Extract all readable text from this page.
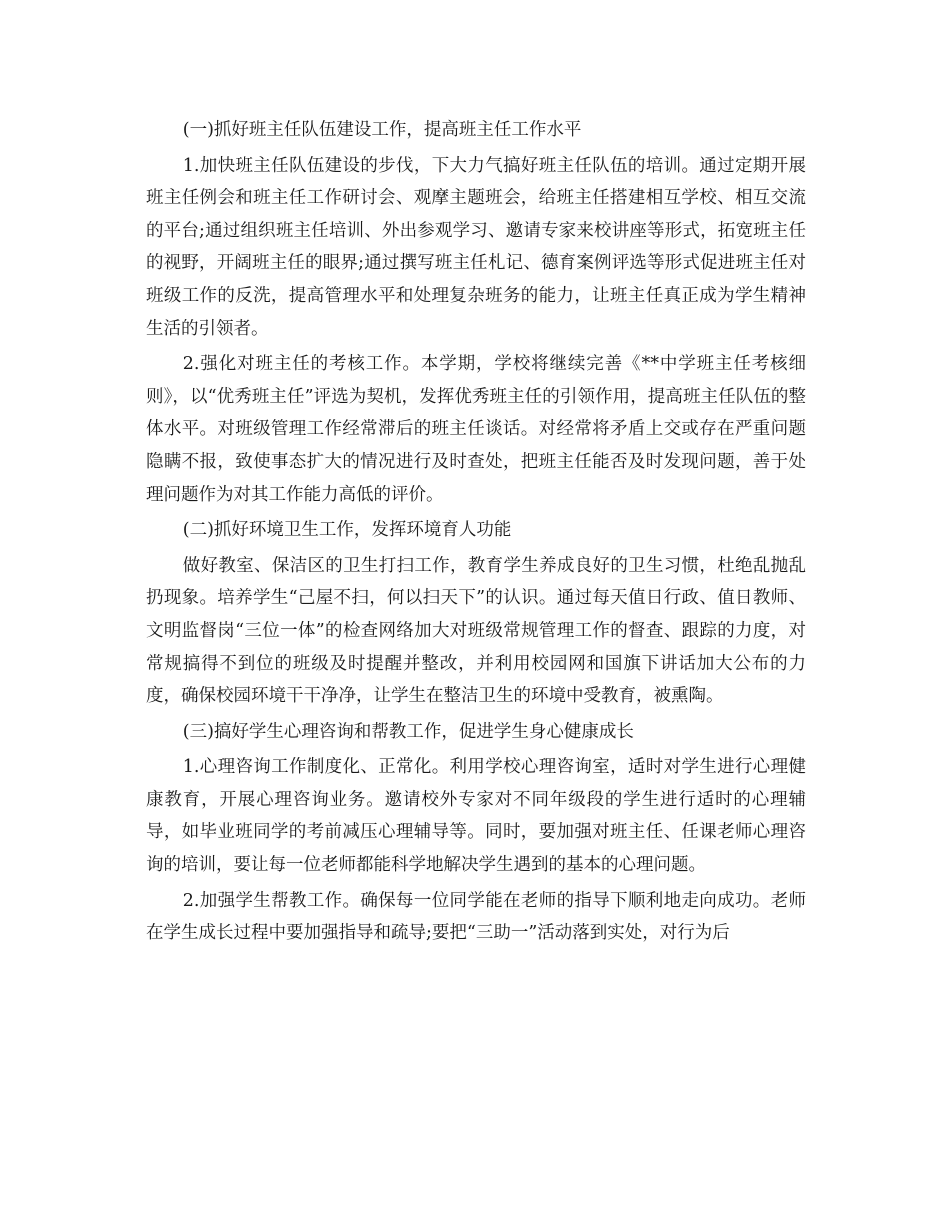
(一)抓好班主任队伍建设工作，提高班主任工作水平

1.加快班主任队伍建设的步伐，下大力气搞好班主任队伍的培训。通过定期开展班主任例会和班主任工作研讨会、观摩主题班会，给班主任搭建相互学校、相互交流的平台;通过组织班主任培训、外出参观学习、邀请专家来校讲座等形式，拓宽班主任的视野，开阔班主任的眼界;通过撰写班主任札记、德育案例评选等形式促进班主任对班级工作的反洗，提高管理水平和处理复杂班务的能力，让班主任真正成为学生精神生活的引领者。

2.强化对班主任的考核工作。本学期，学校将继续完善《**中学班主任考核细则》，以“优秀班主任”评选为契机，发挥优秀班主任的引领作用，提高班主任队伍的整体水平。对班级管理工作经常滞后的班主任谈话。对经常将矛盾上交或存在严重问题隐瞒不报，致使事态扩大的情况进行及时查处，把班主任能否及时发现问题，善于处理问题作为对其工作能力高低的评价。

(二)抓好环境卫生工作，发挥环境育人功能

做好教室、保洁区的卫生打扫工作，教育学生养成良好的卫生习惯，杜绝乱抛乱扔现象。培养学生“己屋不扫，何以扫天下”的认识。通过每天值日行政、值日教师、文明监督岗“三位一体”的检查网络加大对班级常规管理工作的督查、跟踪的力度，对常规搞得不到位的班级及时提醒并整改，并利用校园网和国旗下讲话加大公布的力度，确保校园环境干干净净，让学生在整洁卫生的环境中受教育，被熏陶。

(三)搞好学生心理咨询和帮教工作，促进学生身心健康成长

1.心理咨询工作制度化、正常化。利用学校心理咨询室，适时对学生进行心理健康教育，开展心理咨询业务。邀请校外专家对不同年级段的学生进行适时的心理辅导，如毕业班同学的考前减压心理辅导等。同时，要加强对班主任、任课老师心理咨询的培训，要让每一位老师都能科学地解决学生遇到的基本的心理问题。

2.加强学生帮教工作。确保每一位同学能在老师的指导下顺利地走向成功。老师在学生成长过程中要加强指导和疏导;要把“三助一”活动落到实处，对行为后
